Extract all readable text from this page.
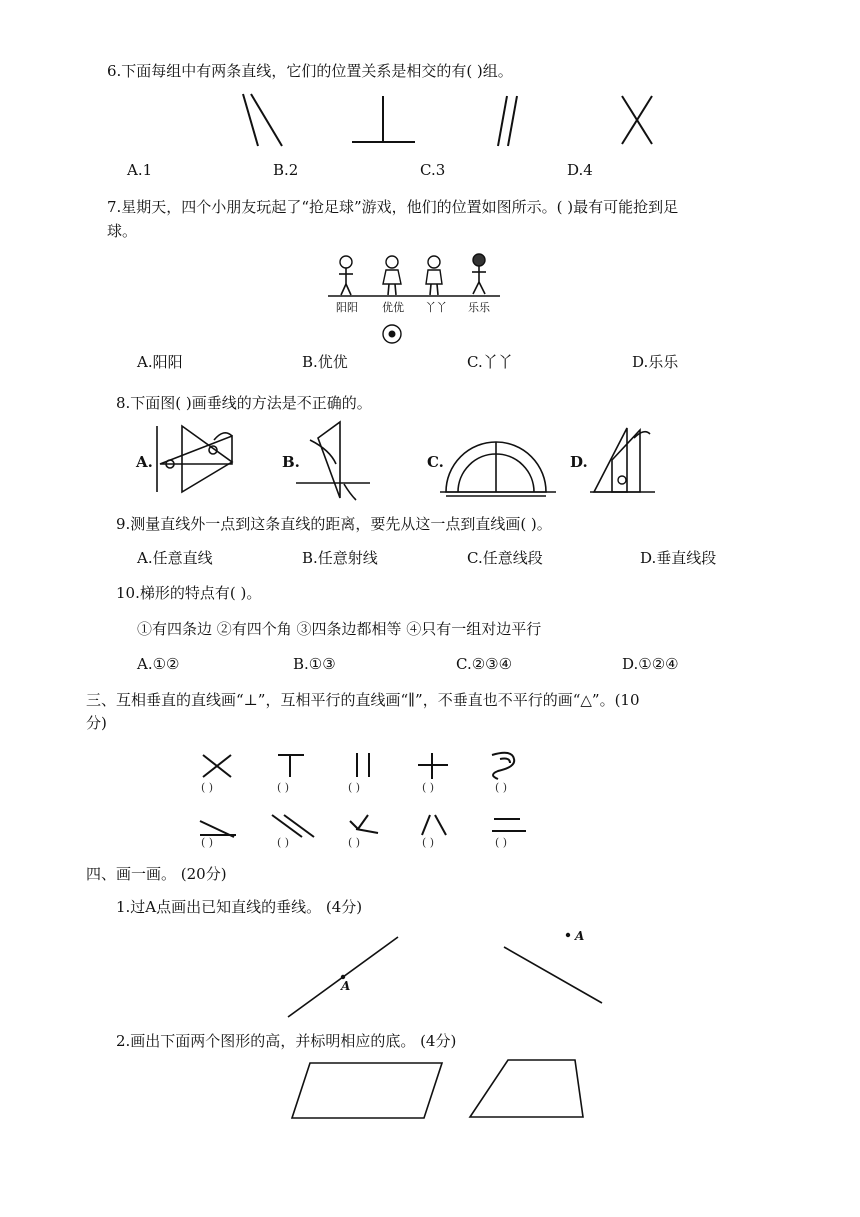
6.下面每组中有两条直线，它们的位置关系是相交的有( )组。
A.1	B.2	C.3	D.4
7.星期天，四个小朋友玩起了“抢足球”游戏，他们的位置如图所示。( )最有可能抢到足
球。
阳阳 优优 丫丫 乐乐
A.阳阳	B.优优	C.丫丫	D.乐乐
8.下面图( )画垂线的方法是不正确的。
A.	B.	C.	D.
9.测量直线外一点到这条直线的距离，要先从这一点到直线画( )。
A.任意直线	B.任意射线	C.任意线段	D.垂直线段
10.梯形的特点有( )。
①有四条边 ②有四个角 ③四条边都相等 ④只有一组对边平行
A.①②	B.①③	C.②③④	D.①②④
三、互相垂直的直线画“⊥”，互相平行的直线画“∥”，不垂直也不平行的画“△”。(10
分)
( )	( )	( )	( )	( )
( )	( )	( )	( )	( )
四、画一画。 (20分)
1.过A点画出已知直线的垂线。 (4分)
A
A
2.画出下面两个图形的高，并标明相应的底。 (4分)
